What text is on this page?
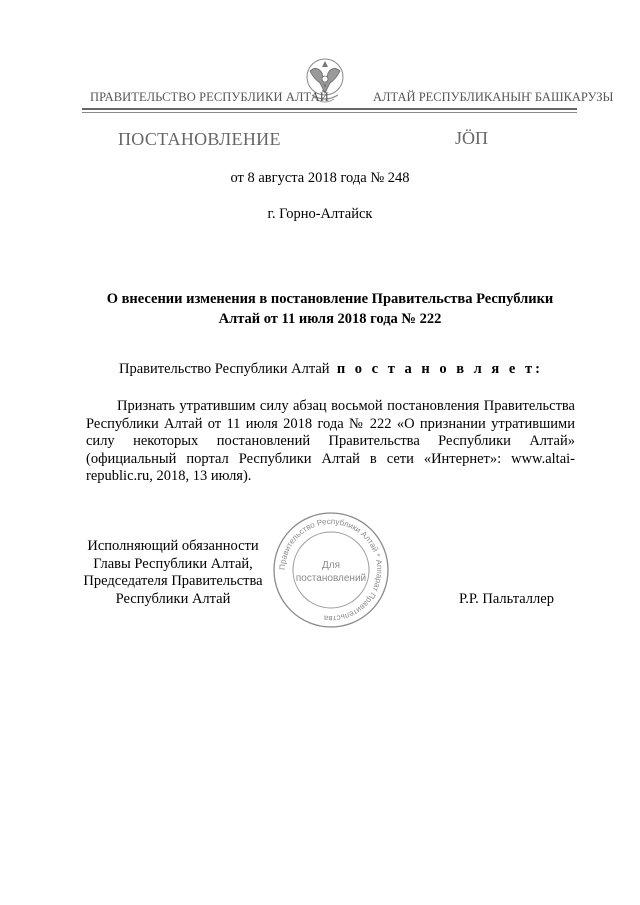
ПРАВИТЕЛЬСТВО РЕСПУБЛИКИ АЛТАЙ	АЛТАЙ РЕСПУБЛИКАНЫҤ БАШКАРУЗЫ
ПОСТАНОВЛЕНИЕ	ЈӦП
от 8 августа 2018 года № 248
г. Горно-Алтайск
О внесении изменения в постановление Правительства Республики Алтай от 11 июля 2018 года № 222
Правительство Республики Алтай п о с т а н о в л я е т:
Признать утратившим силу абзац восьмой постановления Правительства Республики Алтай от 11 июля 2018 года № 222 «О признании утратившими силу некоторых постановлений Правительства Республики Алтай» (официальный портал Республики Алтай в сети «Интернет»: www.altai-republic.ru, 2018, 13 июля).
Исполняющий обязанности
Главы Республики Алтай,
Председателя Правительства
Республики Алтай	Р.Р. Пальталлер
Правительство Республики Алтай * Аппарат Правительства
Для
постановлений
